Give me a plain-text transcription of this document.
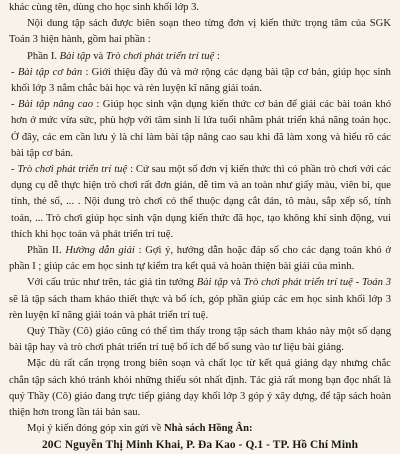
khác cùng tên, dùng cho học sinh khối lớp 3.

Nội dung tập sách được biên soạn theo từng đơn vị kiến thức trọng tâm của SGK Toán 3 hiện hành, gồm hai phần :

Phần I. Bài tập và Trò chơi phát triển trí tuệ :

- Bài tập cơ bản : Giới thiệu đầy đủ và mở rộng các dạng bài tập cơ bản, giúp học sinh khối lớp 3 nắm chắc bài học và rèn luyện kĩ năng giải toán.

- Bài tập nâng cao : Giúp học sinh vận dụng kiến thức cơ bản để giải các bài toán khó hơn ở mức vừa sức, phù hợp với tâm sinh lí lứa tuổi nhằm phát triển khả năng toán học. Ở đây, các em cần lưu ý là chỉ làm bài tập nâng cao sau khi đã làm xong và hiểu rõ các bài tập cơ bản.

- Trò chơi phát triển trí tuệ : Cứ sau một số đơn vị kiến thức thì có phần trò chơi với các dụng cụ dễ thực hiện trò chơi rất đơn giản, dễ tìm và an toàn như giấy màu, viên bi, que tính, thẻ số, ... . Nội dung trò chơi có thể thuộc dạng cắt dán, tô màu, sắp xếp số, tính toán, ... Trò chơi giúp học sinh vận dụng kiến thức đã học, tạo không khí sinh động, vui thích khi học toán và phát triển trí tuệ.

Phần II. Hướng dẫn giải : Gợi ý, hướng dẫn hoặc đáp số cho các dạng toán khó ở phần I ; giúp các em học sinh tự kiểm tra kết quả và hoàn thiện bài giải của mình.

Với cấu trúc như trên, tác giả tin tưởng Bài tập và Trò chơi phát triển trí tuệ - Toán 3 sẽ là tập sách tham khảo thiết thực và bổ ích, góp phần giúp các em học sinh khối lớp 3 rèn luyện kĩ năng giải toán và phát triển trí tuệ.

Quý Thầy (Cô) giáo cũng có thể tìm thấy trong tập sách tham khảo này một số dạng bài tập hay và trò chơi phát triển trí tuệ bổ ích để bổ sung vào tư liệu bài giảng.

Mặc dù rất cẩn trọng trong biên soạn và chất lọc từ kết quả giảng dạy nhưng chắc chắn tập sách khó tránh khỏi những thiếu sót nhất định. Tác giả rất mong bạn đọc nhất là quý Thầy (Cô) giáo đang trực tiếp giảng dạy khối lớp 3 góp ý xây dựng, để tập sách hoàn thiện hơn trong lần tái bản sau.

Mọi ý kiến đóng góp xin gửi về Nhà sách Hồng Ân:

20C Nguyễn Thị Minh Khai, P. Đa Kao - Q.1 - TP. Hồ Chí Minh
